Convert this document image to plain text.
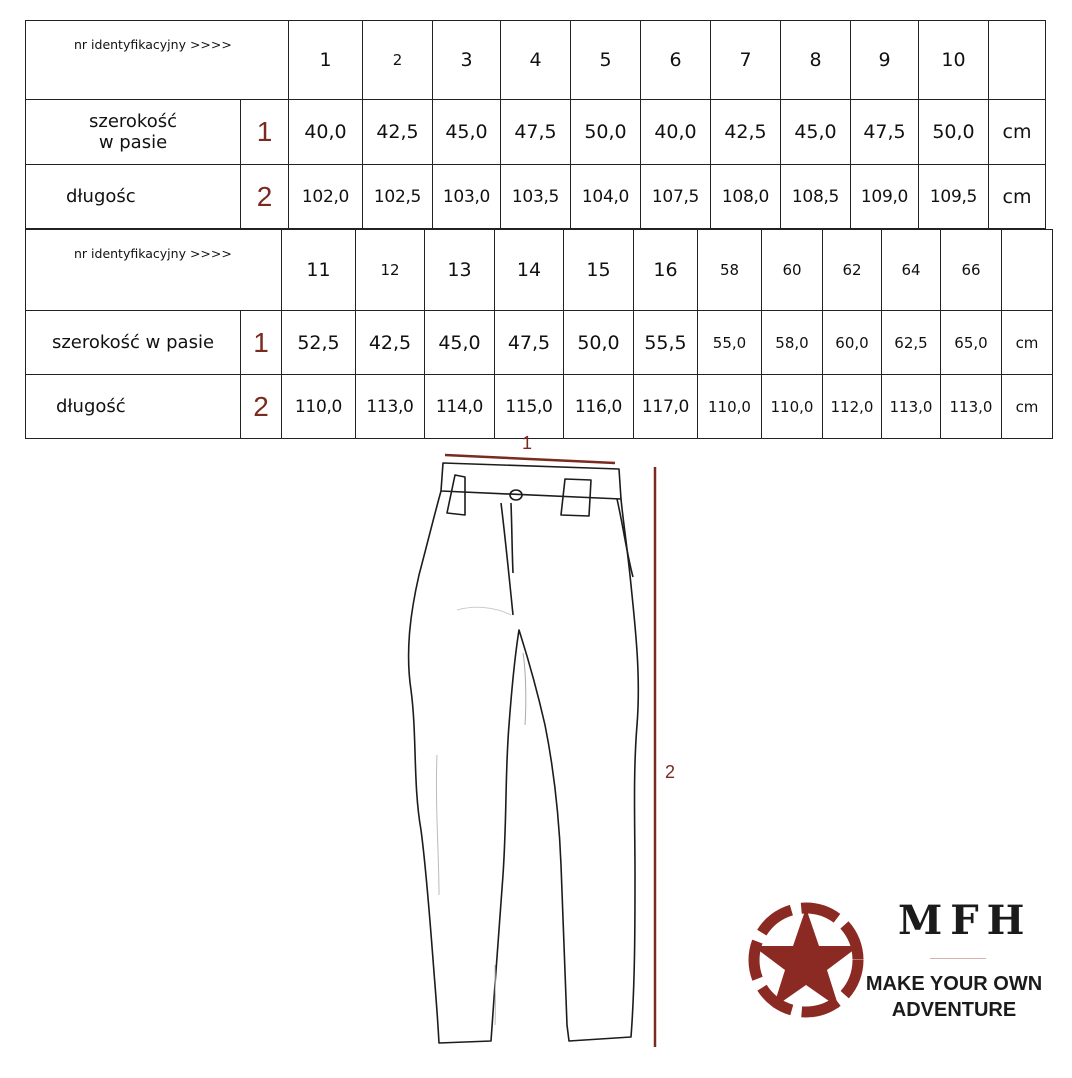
nr identyfikacyjny >>>>		1	2	3	4	5	6	7	8	9	10	

szerokość
w pasie	1	40,0	42,5	45,0	47,5	50,0	40,0	42,5	45,0	47,5	50,0	cm
długośc	2	102,0	102,5	103,0	103,5	104,0	107,5	108,0	108,5	109,0	109,5	cm
nr identyfikacyjny >>>>		11	12	13	14	15	16	58	60	62	64	66	
szerokość w pasie	1	52,5	42,5	45,0	47,5	50,0	55,5	55,0	58,0	60,0	62,5	65,0	cm
długość	2	110,0	113,0	114,0	115,0	116,0	117,0	110,0	110,0	112,0	113,0	113,0	cm
1
2
MFH
MAKE YOUR OWN
ADVENTURE
